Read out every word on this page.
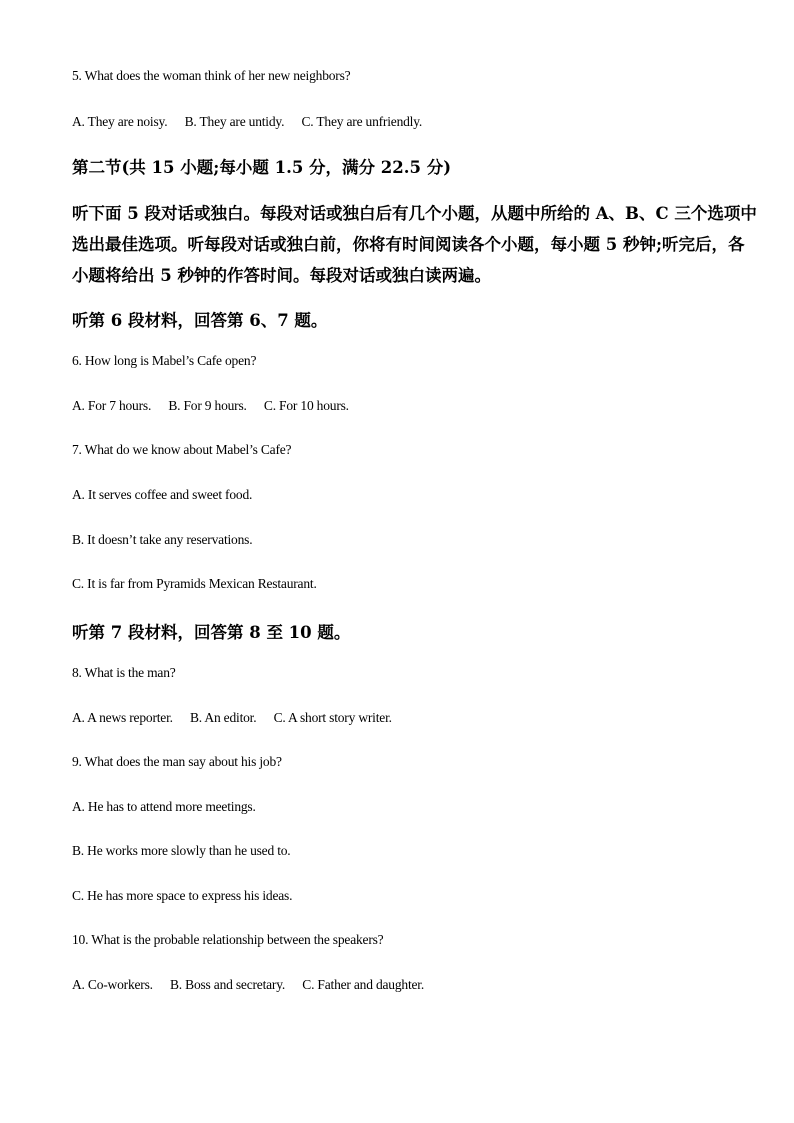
5. What does the woman think of her new neighbors?
A. They are noisy. B. They are untidy. C. They are unfriendly.
第二节(共 15 小题;每小题 1.5 分，满分 22.5 分)
听下面 5 段对话或独白。每段对话或独白后有几个小题，从题中所给的 A、B、C 三个选项中
选出最佳选项。听每段对话或独白前，你将有时间阅读各个小题，每小题 5 秒钟;听完后，各
小题将给出 5 秒钟的作答时间。每段对话或独白读两遍。
听第 6 段材料，回答第 6、7 题。
6. How long is Mabel’s Cafe open?
A. For 7 hours. B. For 9 hours. C. For 10 hours.
7. What do we know about Mabel’s Cafe?
A. It serves coffee and sweet food.
B. It doesn’t take any reservations.
C. It is far from Pyramids Mexican Restaurant.
听第 7 段材料，回答第 8 至 10 题。
8. What is the man?
A. A news reporter. B. An editor. C. A short story writer.
9. What does the man say about his job?
A. He has to attend more meetings.
B. He works more slowly than he used to.
C. He has more space to express his ideas.
10. What is the probable relationship between the speakers?
A. Co-workers. B. Boss and secretary. C. Father and daughter.
